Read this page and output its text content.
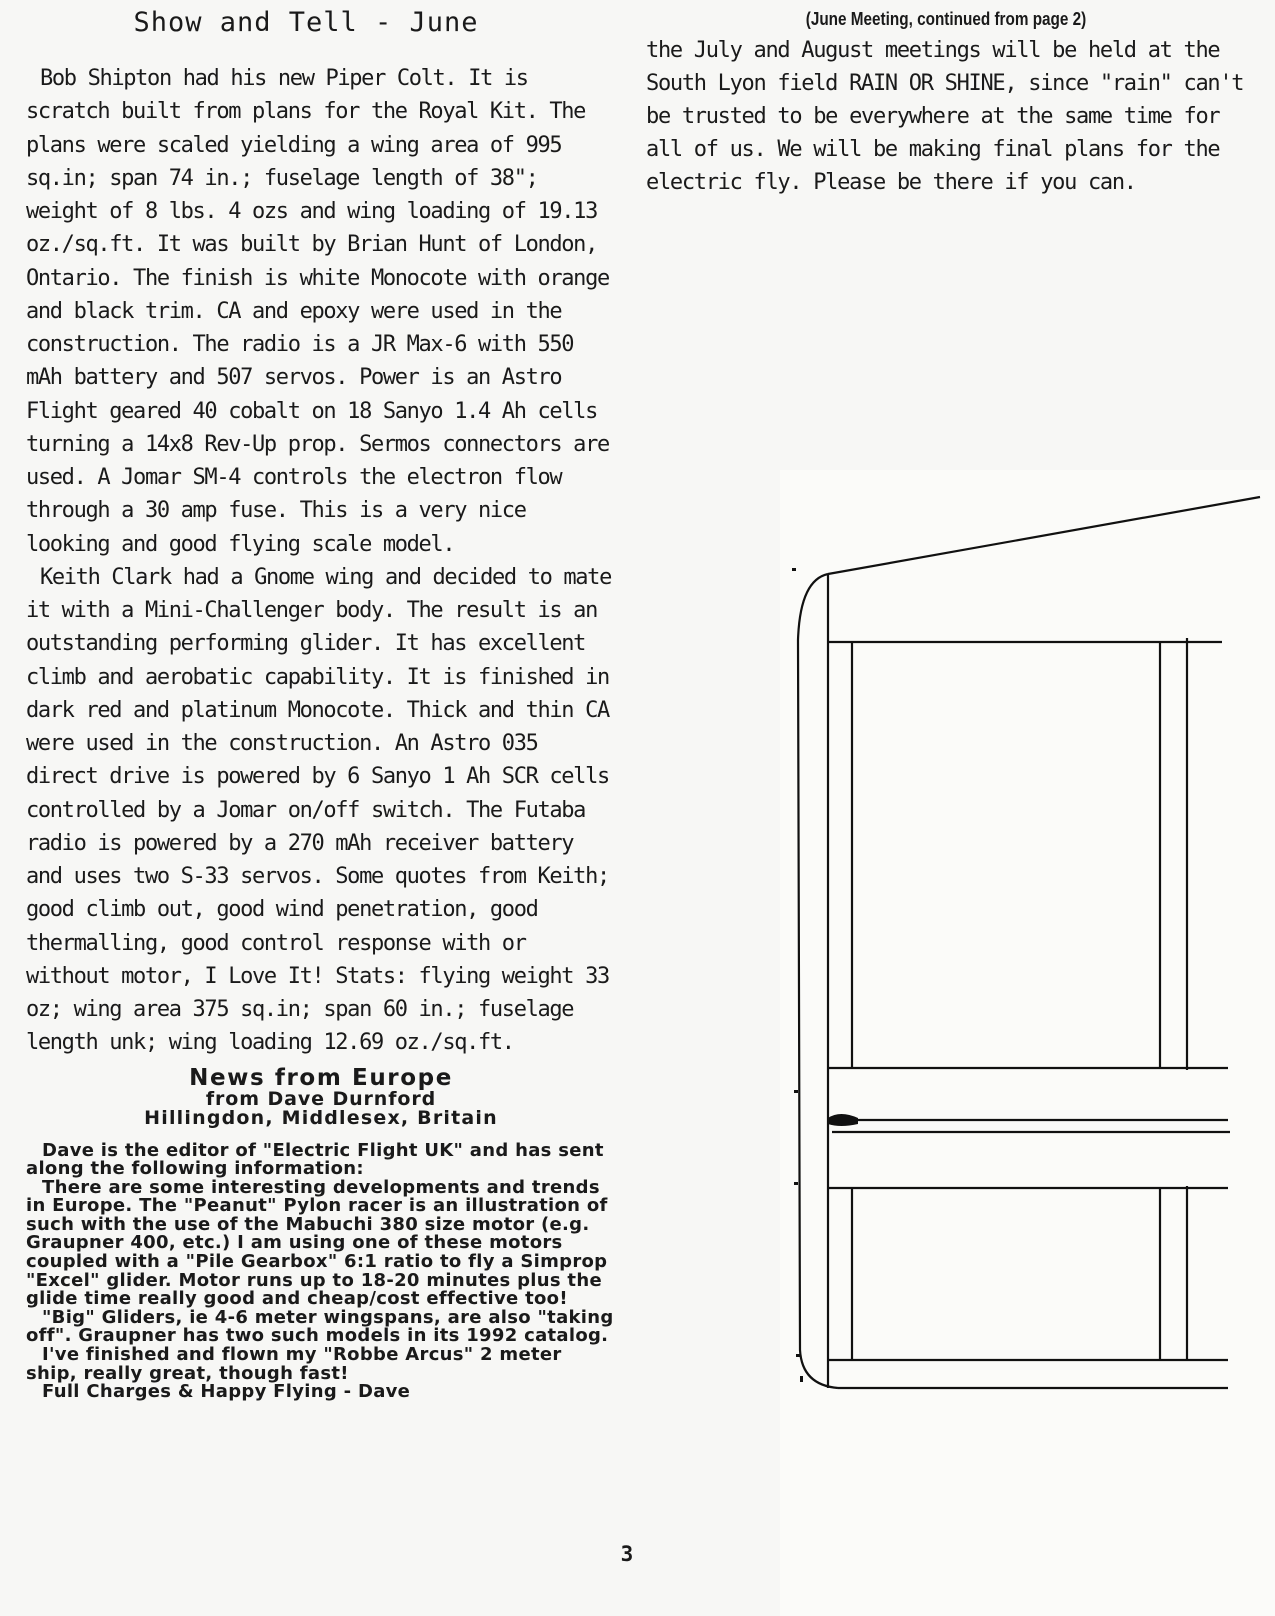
Show and Tell - June

Bob Shipton had his new Piper Colt. It is scratch built from plans for the Royal Kit. The plans were scaled yielding a wing area of 995 sq.in; span 74 in.; fuselage length of 38"; weight of 8 lbs. 4 ozs and wing loading of 19.13 oz./sq.ft. It was built by Brian Hunt of London, Ontario. The finish is white Monocote with orange and black trim. CA and epoxy were used in the construction. The radio is a JR Max-6 with 550 mAh battery and 507 servos. Power is an Astro Flight geared 40 cobalt on 18 Sanyo 1.4 Ah cells turning a 14x8 Rev-Up prop. Sermos connectors are used. A Jomar SM-4 controls the electron flow through a 30 amp fuse. This is a very nice looking and good flying scale model.

Keith Clark had a Gnome wing and decided to mate it with a Mini-Challenger body. The result is an outstanding performing glider. It has excellent climb and aerobatic capability. It is finished in dark red and platinum Monocote. Thick and thin CA were used in the construction. An Astro 035 direct drive is powered by 6 Sanyo 1 Ah SCR cells controlled by a Jomar on/off switch. The Futaba radio is powered by a 270 mAh receiver battery and uses two S-33 servos. Some quotes from Keith; good climb out, good wind penetration, good thermalling, good control response with or without motor, I Love It! Stats: flying weight 33 oz; wing area 375 sq.in; span 60 in.; fuselage length unk; wing loading 12.69 oz./sq.ft.

News from Europe
from Dave Durnford
Hillingdon, Middlesex, Britain

Dave is the editor of "Electric Flight UK" and has sent along the following information:

There are some interesting developments and trends in Europe. The "Peanut" Pylon racer is an illustration of such with the use of the Mabuchi 380 size motor (e.g. Graupner 400, etc.) I am using one of these motors coupled with a "Pile Gearbox" 6:1 ratio to fly a Simprop "Excel" glider. Motor runs up to 18-20 minutes plus the glide time really good and cheap/cost effective too!

"Big" Gliders, ie 4-6 meter wingspans, are also "taking off". Graupner has two such models in its 1992 catalog.

I've finished and flown my "Robbe Arcus" 2 meter ship, really great, though fast!

Full Charges & Happy Flying - Dave

(June Meeting, continued from page 2)
the July and August meetings will be held at the South Lyon field RAIN OR SHINE, since "rain" can't be trusted to be everywhere at the same time for all of us. We will be making final plans for the electric fly. Please be there if you can.
3
